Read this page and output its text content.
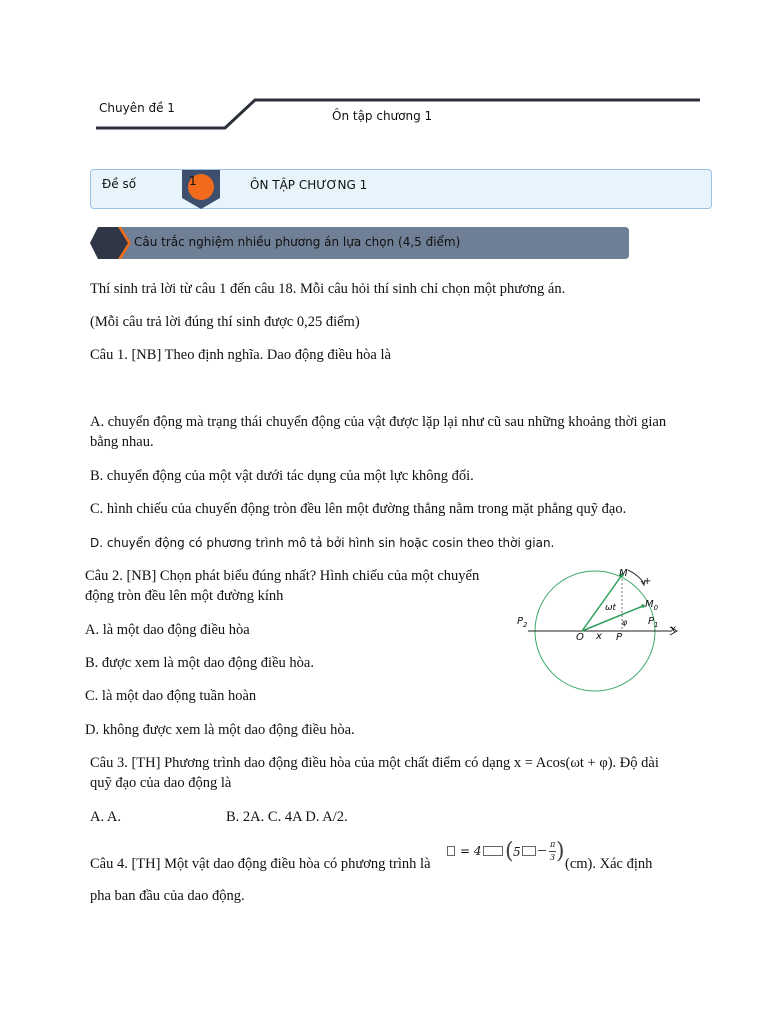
Chuyên đề 1
Ôn tập chương 1
Đề số	1	ÔN TẬP CHƯƠNG 1
Câu trắc nghiệm nhiều phương án lựa chọn (4,5 điểm)
Thí sinh trả lời từ câu 1 đến câu 18. Mỗi câu hỏi thí sinh chỉ chọn một phương án.
(Mỗi câu trả lời đúng thí sinh được 0,25 điểm)
Câu 1. [NB] Theo định nghĩa. Dao động điều hòa là
A. chuyển động mà trạng thái chuyển động của vật được lặp lại như cũ sau những khoảng thời gian bằng nhau.
B. chuyển động của một vật dưới tác dụng của một lực không đổi.
C. hình chiếu của chuyển động tròn đều lên một đường thẳng nằm trong mặt phẳng quỹ đạo.
D. chuyển động có phương trình mô tả bởi hình sin hoặc cosin theo thời gian.
Câu 2. [NB] Chọn phát biểu đúng nhất? Hình chiếu của một chuyển động tròn đều lên một đường kính
A. là một dao động điều hòa
B. được xem là một dao động điều hòa.
C. là một dao động tuần hoàn
D. không được xem là một dao động điều hòa.
M
+
$M_0$
$P_2$	$P_1$
ωt
φ
O x P
x
Câu 3. [TH] Phương trình dao động điều hòa của một chất điểm có dạng x = Acos(ωt + φ). Độ dài quỹ đạo của dao động là
A. A.	B. 2A. C. 4A D. A/2.
Câu 4. [TH] Một vật dao động điều hòa có phương trình là
= 4 ( 5
π
3 ) (cm). Xác định
pha ban đầu của dao động.
